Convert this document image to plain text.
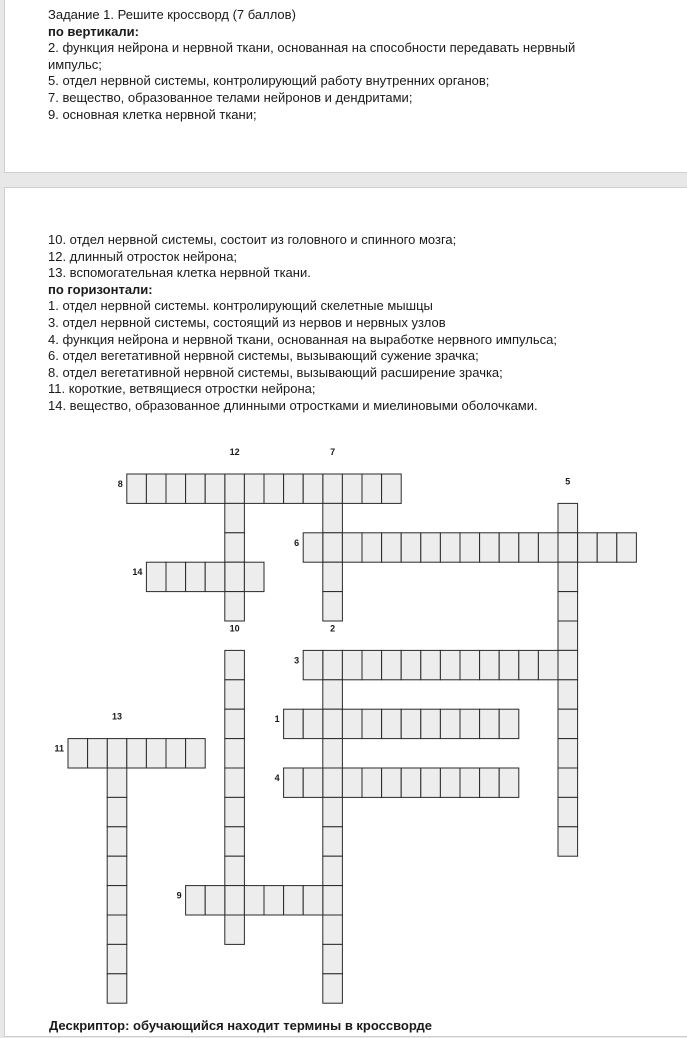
Задание 1. Решите кроссворд (7 баллов)
по вертикали:
2. функция нейрона и нервной ткани, основанная на способности передавать нервный
импульс;
5. отдел нервной системы, контролирующий работу внутренних органов;
7. вещество, образованное телами нейронов и дендритами;
9. основная клетка нервной ткани;
10. отдел нервной системы, состоит из головного и спинного мозга;
12. длинный отросток нейрона;
13. вспомогательная клетка нервной ткани.
по горизонтали:
1. отдел нервной системы. контролирующий скелетные мышцы
3. отдел нервной системы, состоящий из нервов и нервных узлов
4. функция нейрона и нервной ткани, основанная на выработке нервного импульса;
6. отдел вегетативной нервной системы, вызывающий сужение зрачка;
8. отдел вегетативной нервной системы, вызывающий расширение зрачка;
11. короткие, ветвящиеся отростки нейрона;
14. вещество, образованное длинными отростками и миелиновыми оболочками.
12	7
8	5
6
14
10	2
3
1
13
11
4
9
Дескриптор: обучающийся находит термины в кроссворде
